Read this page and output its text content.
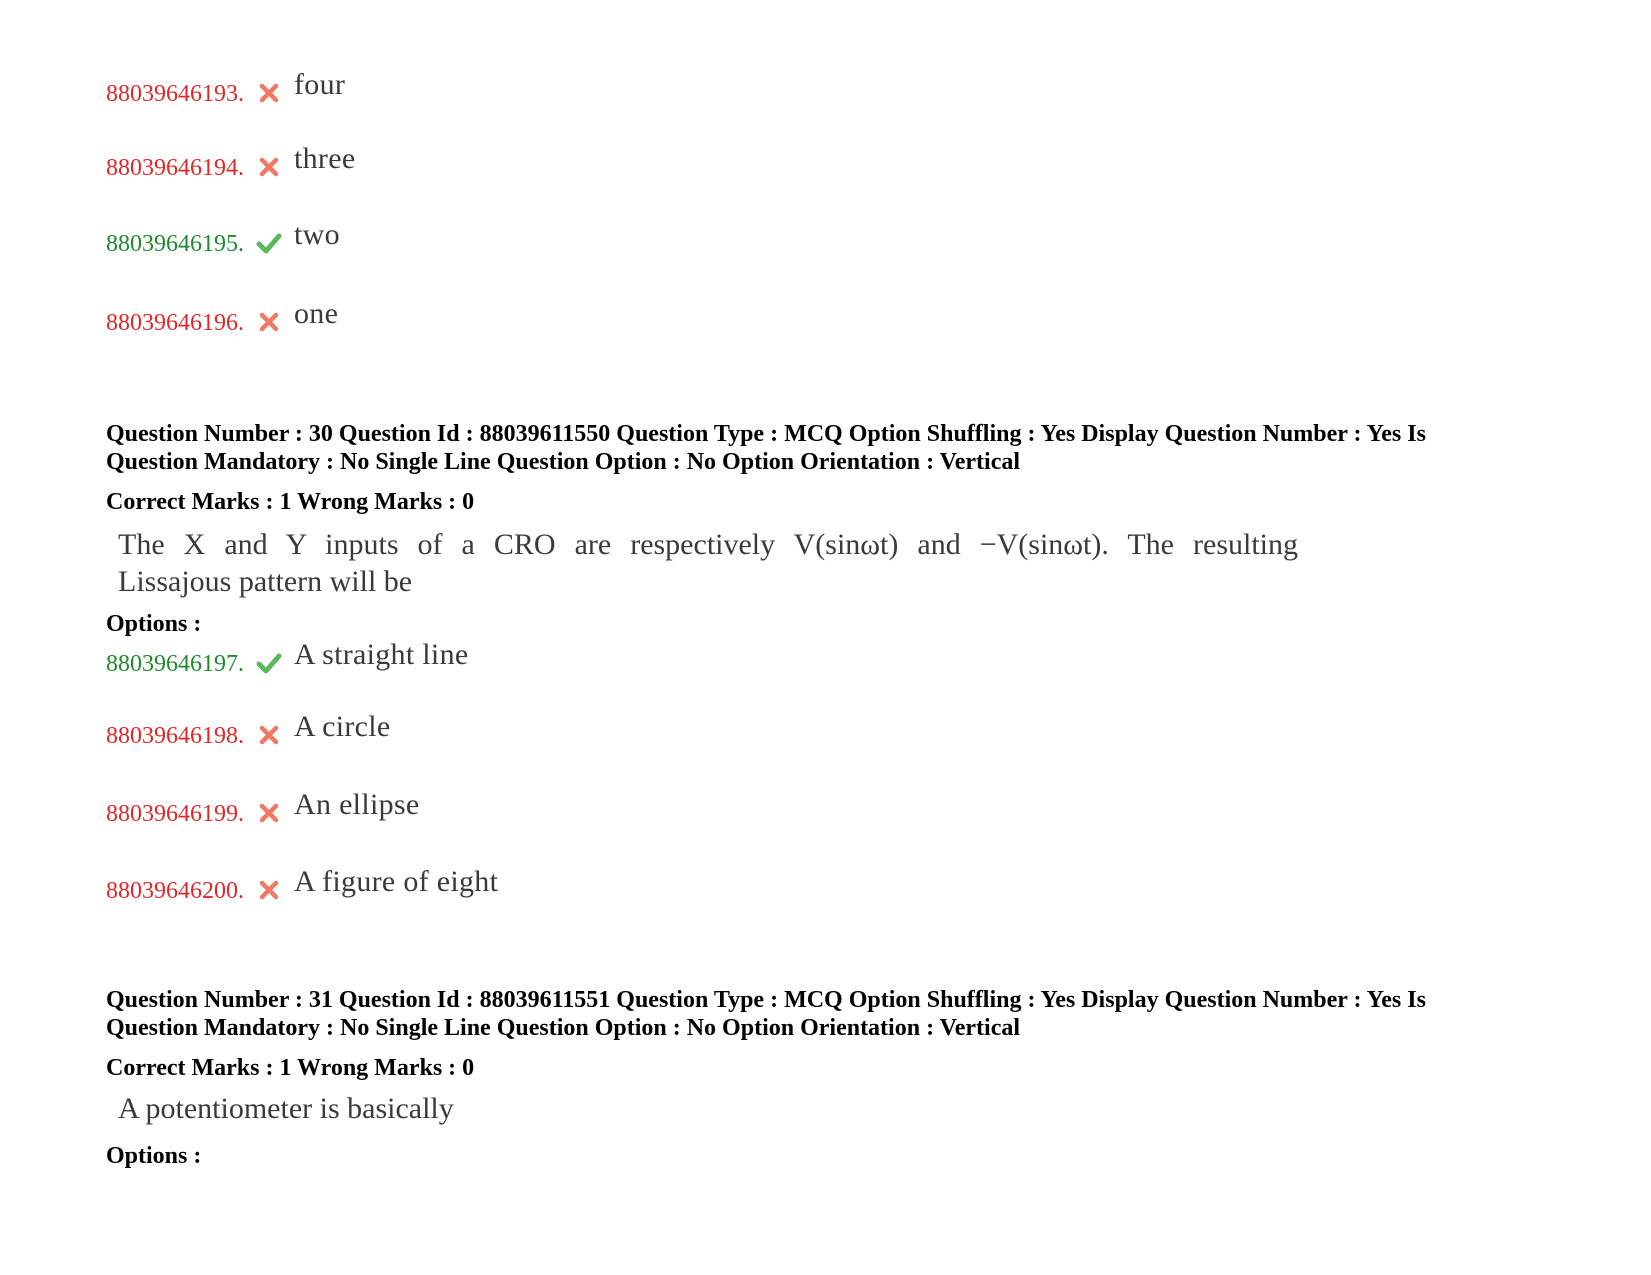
88039646193. four
88039646194. three
88039646195. two
88039646196. one
Question Number : 30 Question Id : 88039611550 Question Type : MCQ Option Shuffling : Yes Display Question Number : Yes Is
Question Mandatory : No Single Line Question Option : No Option Orientation : Vertical
Correct Marks : 1 Wrong Marks : 0
The X and Y inputs of a CRO are respectively V(sinωt) and −V(sinωt). The resulting
Lissajous pattern will be
Options :
88039646197. A straight line
88039646198. A circle
88039646199. An ellipse
88039646200. A figure of eight
Question Number : 31 Question Id : 88039611551 Question Type : MCQ Option Shuffling : Yes Display Question Number : Yes Is
Question Mandatory : No Single Line Question Option : No Option Orientation : Vertical
Correct Marks : 1 Wrong Marks : 0
A potentiometer is basically
Options :
